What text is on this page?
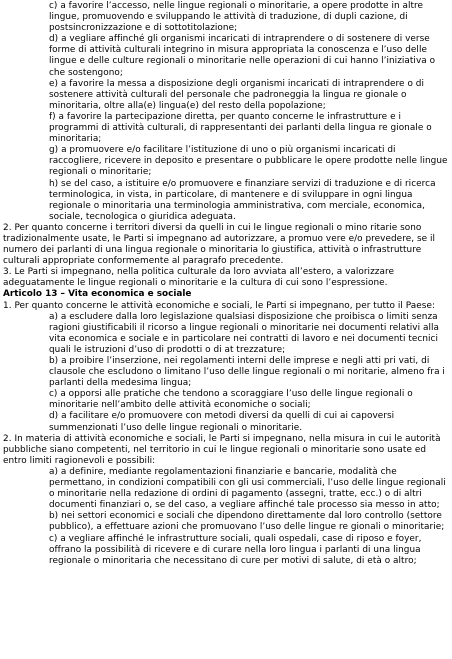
c) a favorire l’accesso, nelle lingue regionali o minoritarie, a opere prodotte in altre lingue, promuovendo e sviluppando le attività di traduzione, di dupli cazione, di postsincronizzazione e di sottotitolazione;

d) a vegliare affinché gli organismi incaricati di intraprendere o di sostenere di verse forme di attività culturali integrino in misura appropriata la conoscenza e l’uso delle lingue e delle culture regionali o minoritarie nelle operazioni di cui hanno l’iniziativa o che sostengono;

e) a favorire la messa a disposizione degli organismi incaricati di intraprendere o di sostenere attività culturali del personale che padroneggia la lingua re gionale o minoritaria, oltre alla(e) lingua(e) del resto della popolazione;

f) a favorire la partecipazione diretta, per quanto concerne le infrastrutture e i programmi di attività culturali, di rappresentanti dei parlanti della lingua re gionale o minoritaria;

g) a promuovere e/o facilitare l’istituzione di uno o più organismi incaricati di raccogliere, ricevere in deposito e presentare o pubblicare le opere prodotte nelle lingue regionali o minoritarie;

h) se del caso, a istituire e/o promuovere e finanziare servizi di traduzione e di ricerca terminologica, in vista, in particolare, di mantenere e di sviluppare in ogni lingua regionale o minoritaria una terminologia amministrativa, com merciale, economica, sociale, tecnologica o giuridica adeguata.

2. Per quanto concerne i territori diversi da quelli in cui le lingue regionali o mino ritarie sono tradizionalmente usate, le Parti si impegnano ad autorizzare, a promuo vere e/o prevedere, se il numero dei parlanti di una lingua regionale o minoritaria lo giustifica, attività o infrastrutture culturali appropriate conformemente al paragrafo precedente.

3. Le Parti si impegnano, nella politica culturale da loro avviata all’estero, a valorizzare adeguatamente le lingue regionali o minoritarie e la cultura di cui sono l’espressione.

Articolo 13 – Vita economica e sociale

1. Per quanto concerne le attività economiche e sociali, le Parti si impegnano, per tutto il Paese:

a) a escludere dalla loro legislazione qualsiasi disposizione che proibisca o limiti senza ragioni giustificabili il ricorso a lingue regionali o minoritarie nei documenti relativi alla vita economica e sociale e in particolare nei contratti di lavoro e nei documenti tecnici quali le istruzioni d’uso di prodotti o di at trezzature;

b) a proibire l’inserzione, nei regolamenti interni delle imprese e negli atti pri vati, di clausole che escludono o limitano l’uso delle lingue regionali o mi noritarie, almeno fra i parlanti della medesima lingua;

c) a opporsi alle pratiche che tendono a scoraggiare l’uso delle lingue regionali o minoritarie nell’ambito delle attività economiche o sociali;

d) a facilitare e/o promuovere con metodi diversi da quelli di cui ai capoversi summenzionati l’uso delle lingue regionali o minoritarie.

2. In materia di attività economiche e sociali, le Parti si impegnano, nella misura in cui le autorità pubbliche siano competenti, nel territorio in cui le lingue regionali o minoritarie sono usate ed entro limiti ragionevoli e possibili:

a) a definire, mediante regolamentazioni finanziarie e bancarie, modalità che permettano, in condizioni compatibili con gli usi commerciali, l’uso delle lingue regionali o minoritarie nella redazione di ordini di pagamento (assegni, tratte, ecc.) o di altri documenti finanziari o, se del caso, a vegliare affinché tale processo sia messo in atto;

b) nei settori economici e sociali che dipendono direttamente dal loro controllo (settore pubblico), a effettuare azioni che promuovano l’uso delle lingue re gionali o minoritarie;

c) a vegliare affinché le infrastrutture sociali, quali ospedali, case di riposo e foyer, offrano la possibilità di ricevere e di curare nella loro lingua i parlanti di una lingua regionale o minoritaria che necessitano di cure per motivi di salute, di età o altro;
